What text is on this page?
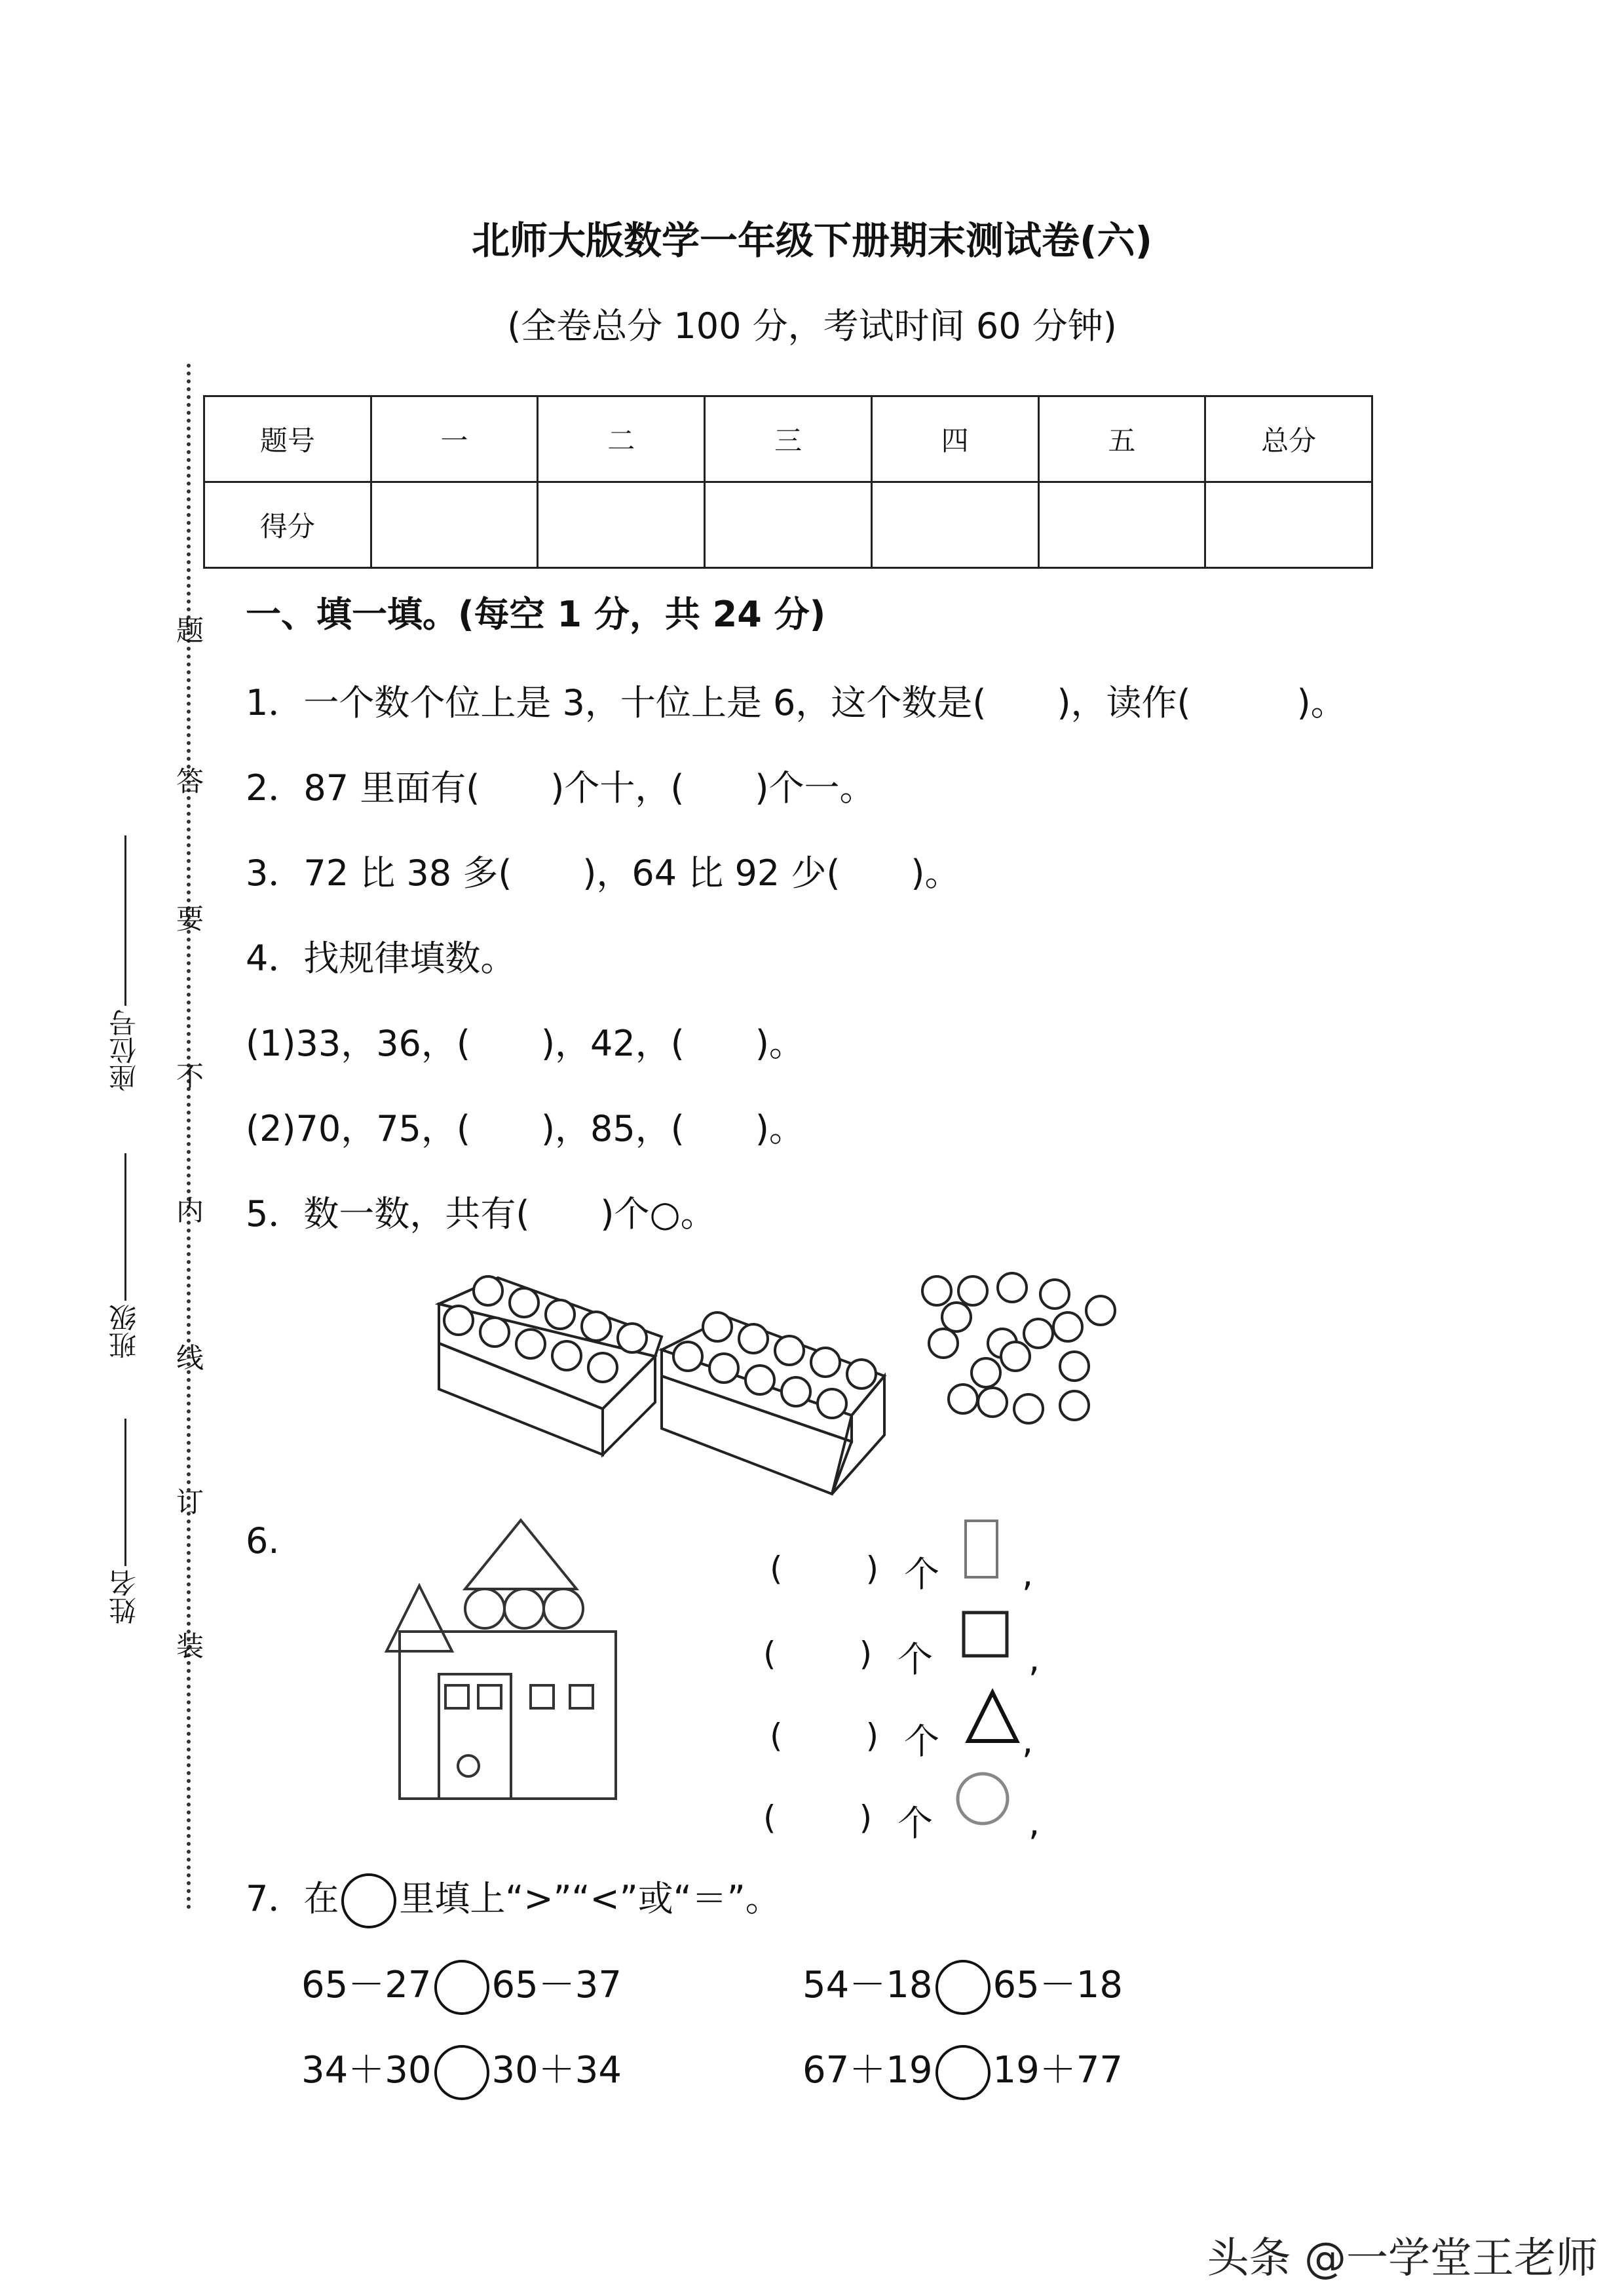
北师大版数学一年级下册期末测试卷(六)
(全卷总分 100 分，考试时间 60 分钟)
题号	一	二	三	四	五	总分
得分						
装
订
线
内
不
要
答
题
姓名
班级
座位号
一、填一填。(每空 1 分，共 24 分)
1．一个数个位上是 3，十位上是 6，这个数是(　　)，读作(　　　)。
2．87 里面有(　　)个十，(　　)个一。
3．72 比 38 多(　　)，64 比 92 少(　　)。
4．找规律填数。
(1)33，36，(　　)，42，(　　)。
(2)70，75，(　　)，85，(　　)。
5．数一数，共有(　　)个○。
6.
(        ) 个 ,
(        ) 个	,
(        ) 个 ,
(        ) 个	,
7．在 里填上“>”“<”或“＝”。
65－27 65－37	54－18 65－18
34＋30 30＋34	67＋19 19＋77
头条 @一学堂王老师
